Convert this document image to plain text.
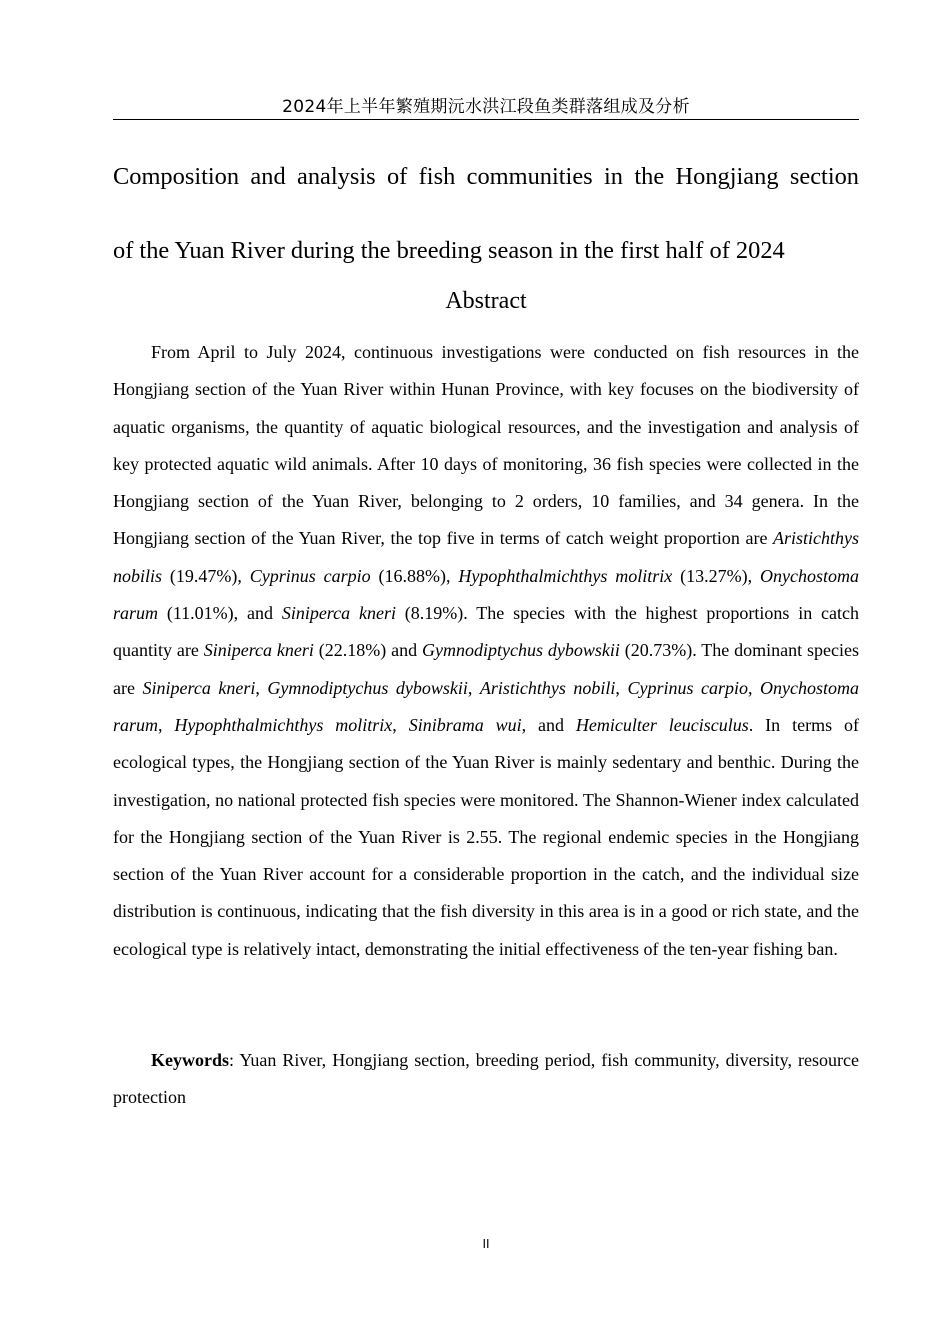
2024年上半年繁殖期沅水洪江段鱼类群落组成及分析
Composition and analysis of fish communities in the Hongjiang section
of the Yuan River during the breeding season in the first half of 2024
Abstract

From April to July 2024, continuous investigations were conducted on fish resources in the Hongjiang section of the Yuan River within Hunan Province, with key focuses on the biodiversity of aquatic organisms, the quantity of aquatic biological resources, and the investigation and analysis of key protected aquatic wild animals. After 10 days of monitoring, 36 fish species were collected in the Hongjiang section of the Yuan River, belonging to 2 orders, 10 families, and 34 genera. In the Hongjiang section of the Yuan River, the top five in terms of catch weight proportion are Aristichthys nobilis (19.47%), Cyprinus carpio (16.88%), Hypophthalmichthys molitrix (13.27%), Onychostoma rarum (11.01%), and Siniperca kneri (8.19%). The species with the highest proportions in catch quantity are Siniperca kneri (22.18%) and Gymnodiptychus dybowskii (20.73%). The dominant species are Siniperca kneri, Gymnodiptychus dybowskii, Aristichthys nobili, Cyprinus carpio, Onychostoma rarum, Hypophthalmichthys molitrix, Sinibrama wui, and Hemiculter leucisculus. In terms of ecological types, the Hongjiang section of the Yuan River is mainly sedentary and benthic. During the investigation, no national protected fish species were monitored. The Shannon-Wiener index calculated for the Hongjiang section of the Yuan River is 2.55. The regional endemic species in the Hongjiang section of the Yuan River account for a considerable proportion in the catch, and the individual size distribution is continuous, indicating that the fish diversity in this area is in a good or rich state, and the ecological type is relatively intact, demonstrating the initial effectiveness of the ten-year fishing ban.

Keywords: Yuan River, Hongjiang section, breeding period, fish community, diversity, resource protection

II
